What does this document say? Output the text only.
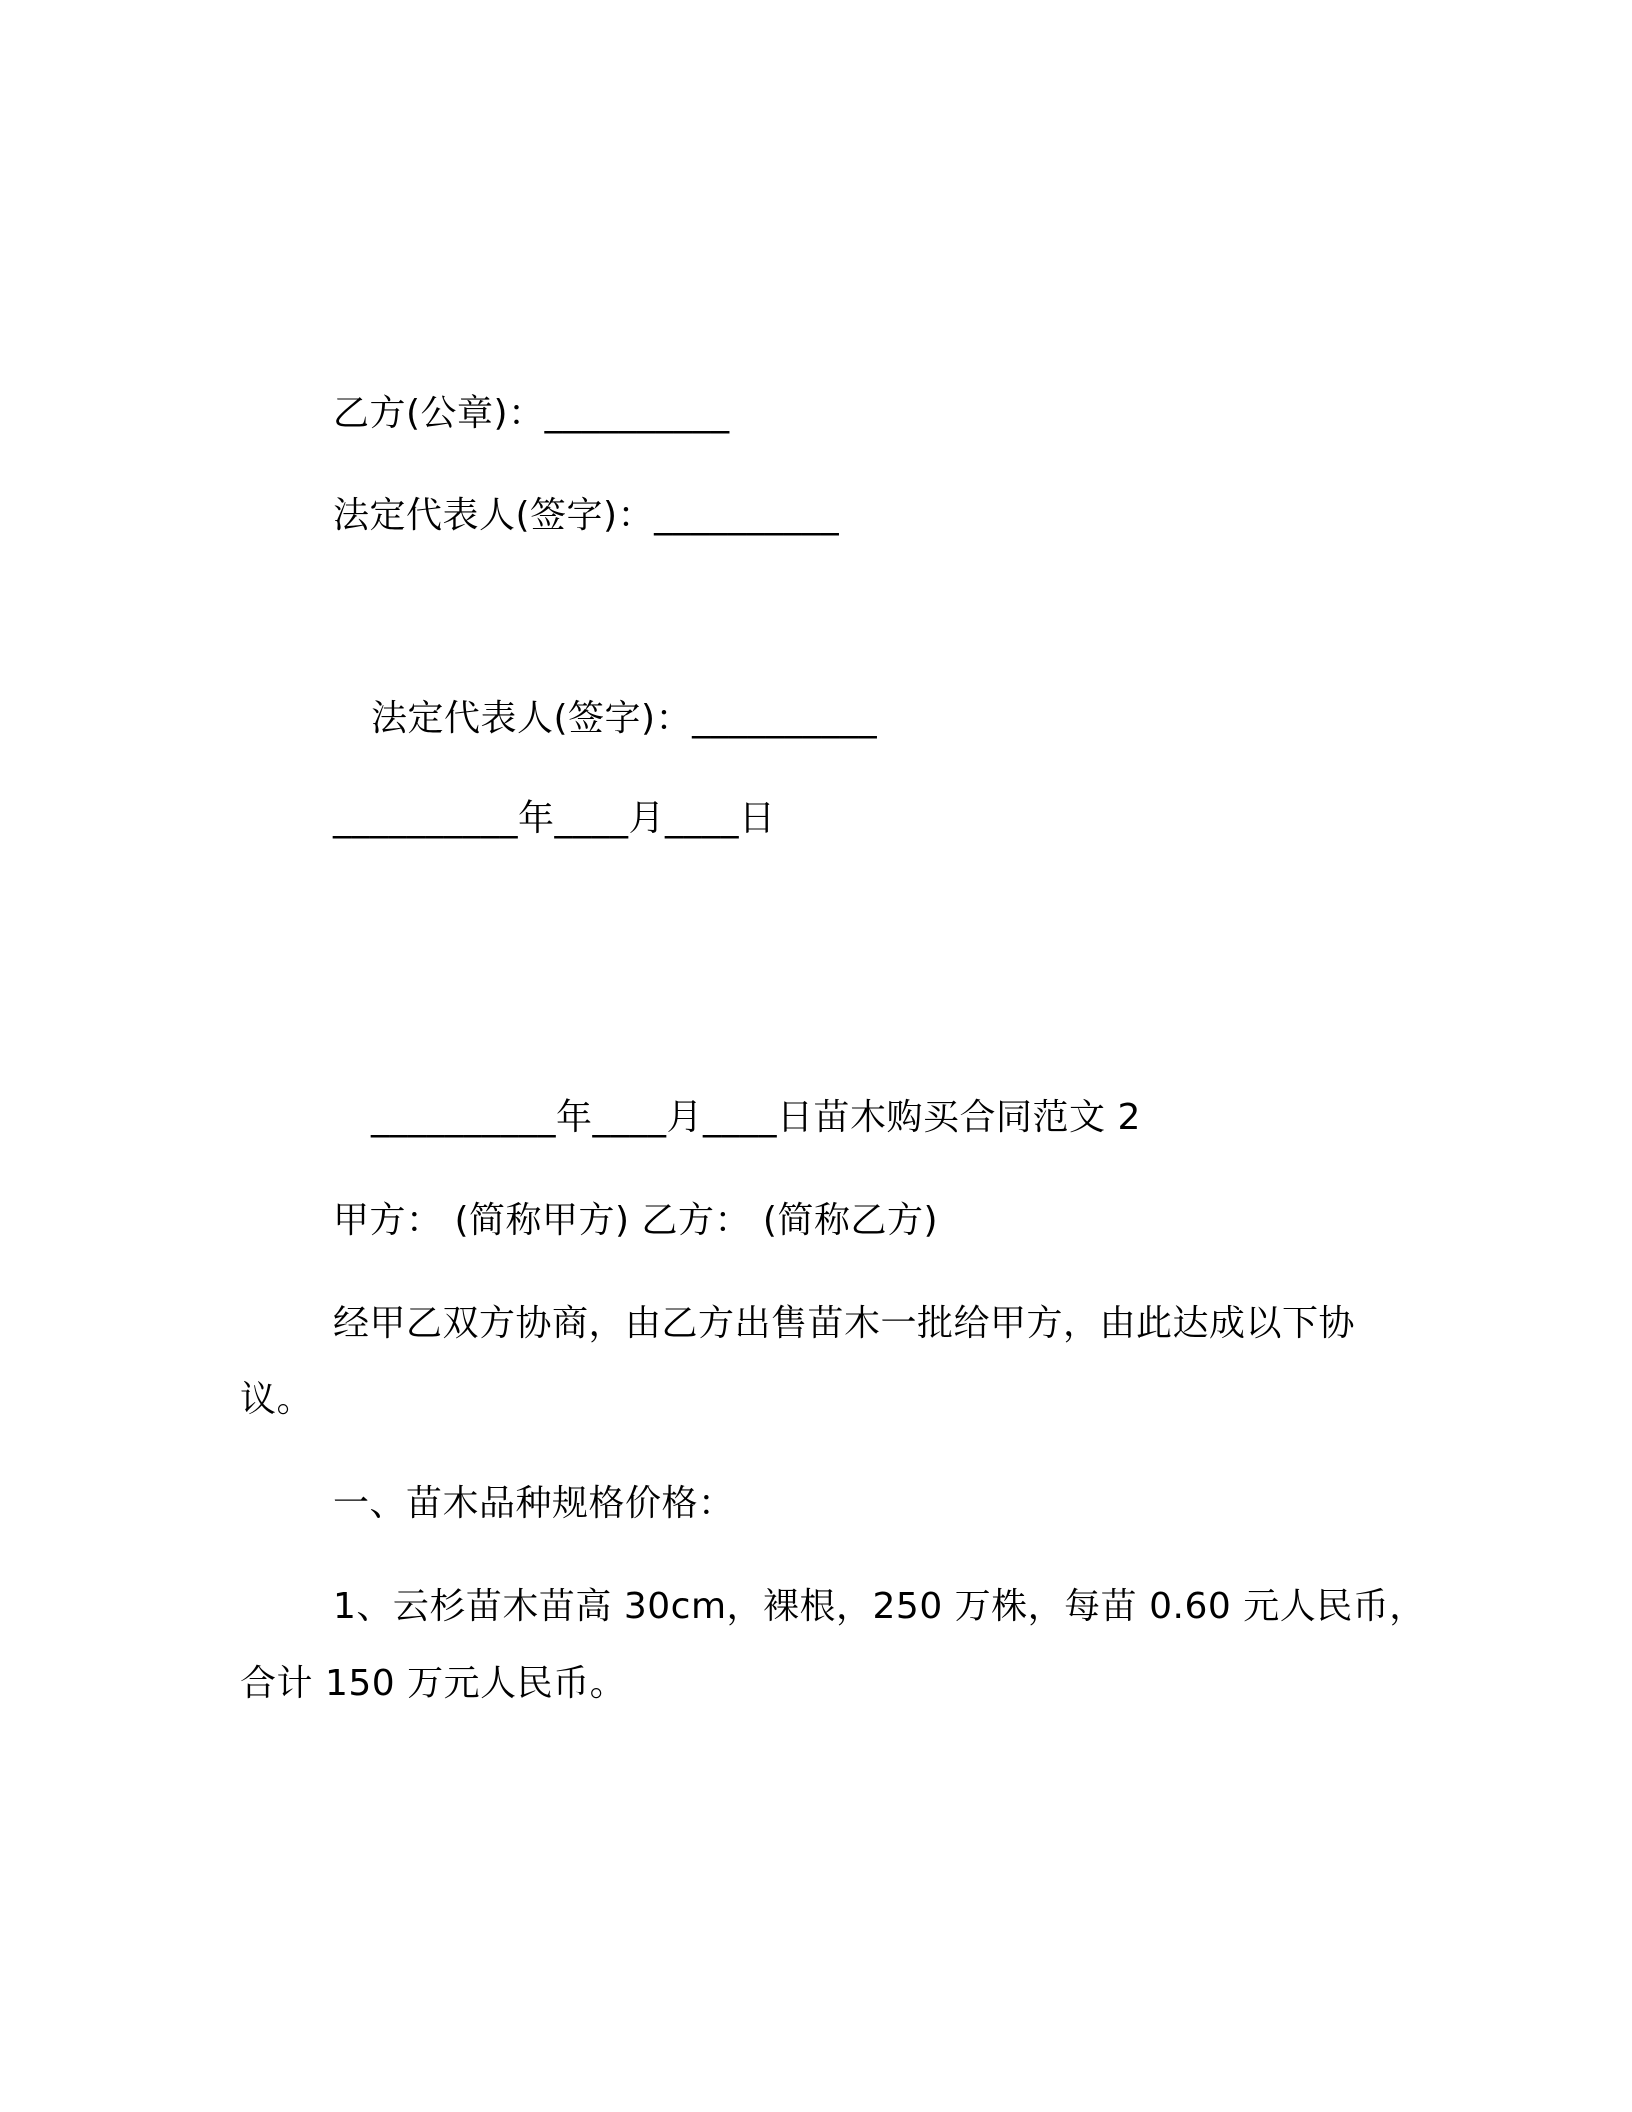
乙方(公章)：__________
法定代表人(签字)：__________
法定代表人(签字)：__________
__________年____月____日
__________年____月____日苗木购买合同范文 2
甲方： (简称甲方) 乙方： (简称乙方)
经甲乙双方协商，由乙方出售苗木一批给甲方，由此达成以下协
议。
一、苗木品种规格价格：
1、云杉苗木苗高 30cm，裸根，250 万株，每苗 0.60 元人民币，
合计 150 万元人民币。
